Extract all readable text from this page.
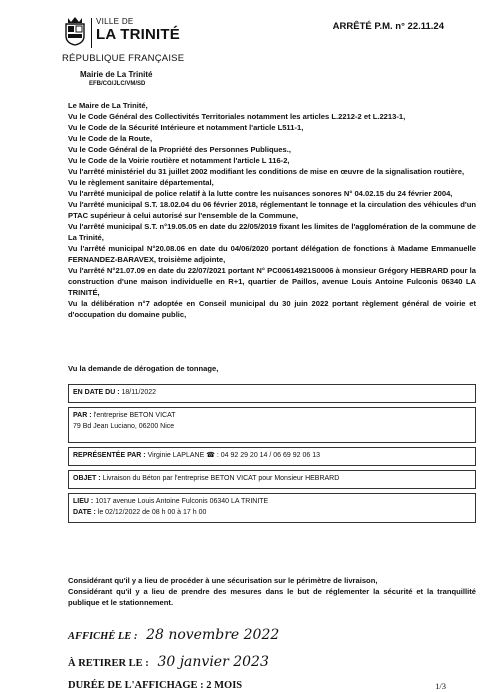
VILLE DE
LA TRINITÉ
RÉPUBLIQUE FRANÇAISE
ARRÊTÉ P.M. n° 22.11.24
Mairie de La Trinité
EFB/CO/JLC/VM/SD

Le Maire de La Trinité,

Vu le Code Général des Collectivités Territoriales notamment les articles L.2212-2 et L.2213-1,

Vu le Code de la Sécurité Intérieure et notamment l'article L511-1,

Vu le Code de la Route,

Vu le Code Général de la Propriété des Personnes Publiques.,

Vu le Code de la Voirie routière et notamment l'article L 116-2,

Vu l'arrêté ministériel du 31 juillet 2002 modifiant les conditions de mise en œuvre de la signalisation routière,

Vu le règlement sanitaire départemental,

Vu l'arrêté municipal de police relatif à la lutte contre les nuisances sonores N° 04.02.15 du 24 février 2004,

Vu l'arrêté municipal S.T. 18.02.04 du 06 février 2018, réglementant le tonnage et la circulation des véhicules d'un PTAC supérieur à celui autorisé sur l'ensemble de la Commune,

Vu l'arrêté municipal S.T. n°19.05.05 en date du 22/05/2019 fixant les limites de l'agglomération de la commune de La Trinité,

Vu l'arrêté municipal N°20.08.06 en date du 04/06/2020 portant délégation de fonctions à Madame Emmanuelle FERNANDEZ-BARAVEX, troisième adjointe,

Vu l'arrêté N°21.07.09 en date du 22/07/2021 portant N° PC00614921S0006 à monsieur Grégory HEBRARD pour la construction d'une maison individuelle en R+1, quartier de Paillos, avenue Louis Antoine Fulconis 06340 LA TRINITÉ,

Vu la délibération n°7 adoptée en Conseil municipal du 30 juin 2022 portant règlement général de voirie et d'occupation du domaine public,

Vu la demande de dérogation de tonnage,
EN DATE DU : 18/11/2022
PAR : l'entreprise BETON VICAT
79 Bd Jean Luciano, 06200 Nice
REPRÉSENTÉE PAR : Virginie LAPLANE ☎ : 04 92 29 20 14 / 06 69 92 06 13
OBJET : Livraison du Béton par l'entreprise BETON VICAT pour Monsieur HEBRARD
LIEU : 1017 avenue Louis Antoine Fulconis 06340 LA TRINITE
DATE : le 02/12/2022 de 08 h 00 à 17 h 00

Considérant qu'il y a lieu de procéder à une sécurisation sur le périmètre de livraison,

Considérant qu'il y a lieu de prendre des mesures dans le but de réglementer la sécurité et la tranquillité publique et le stationnement.

AFFICHÉ LE : 28 novembre 2022
À RETIRER LE : 30 janvier 2023
DURÉE DE L'AFFICHAGE : 2 MOIS	1/3
